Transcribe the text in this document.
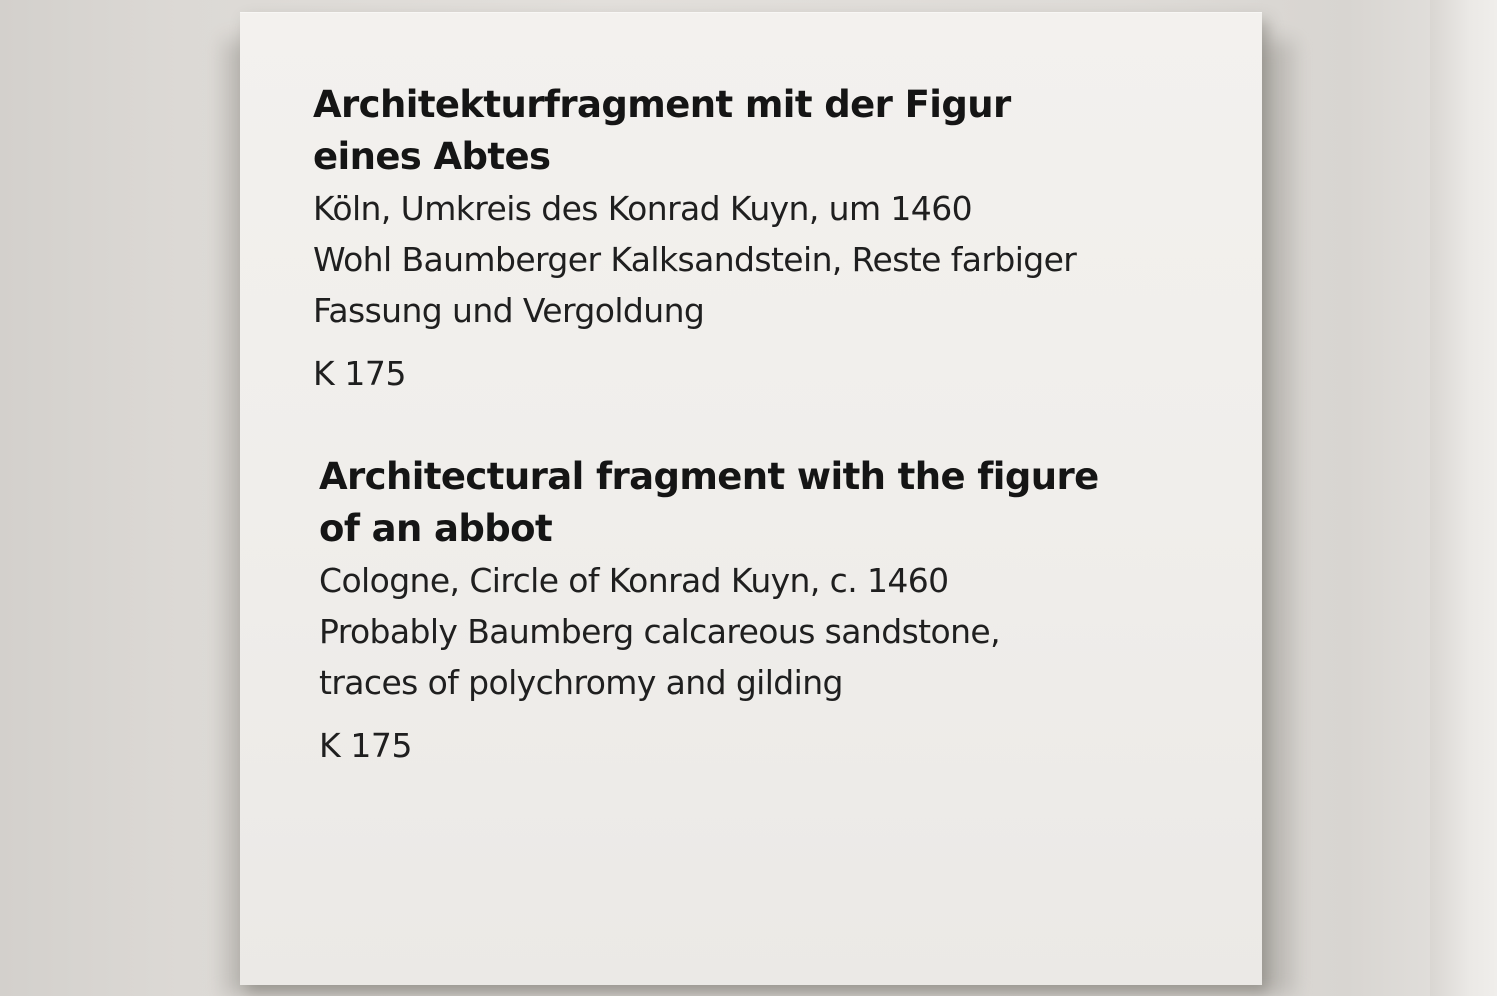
Architekturfragment mit der Figur

eines Abtes

Köln, Umkreis des Konrad Kuyn, um 1460

Wohl Baumberger Kalksandstein, Reste farbiger

Fassung und Vergoldung

K 175

Architectural fragment with the figure

of an abbot

Cologne, Circle of Konrad Kuyn, c. 1460

Probably Baumberg calcareous sandstone,

traces of polychromy and gilding

K 175
